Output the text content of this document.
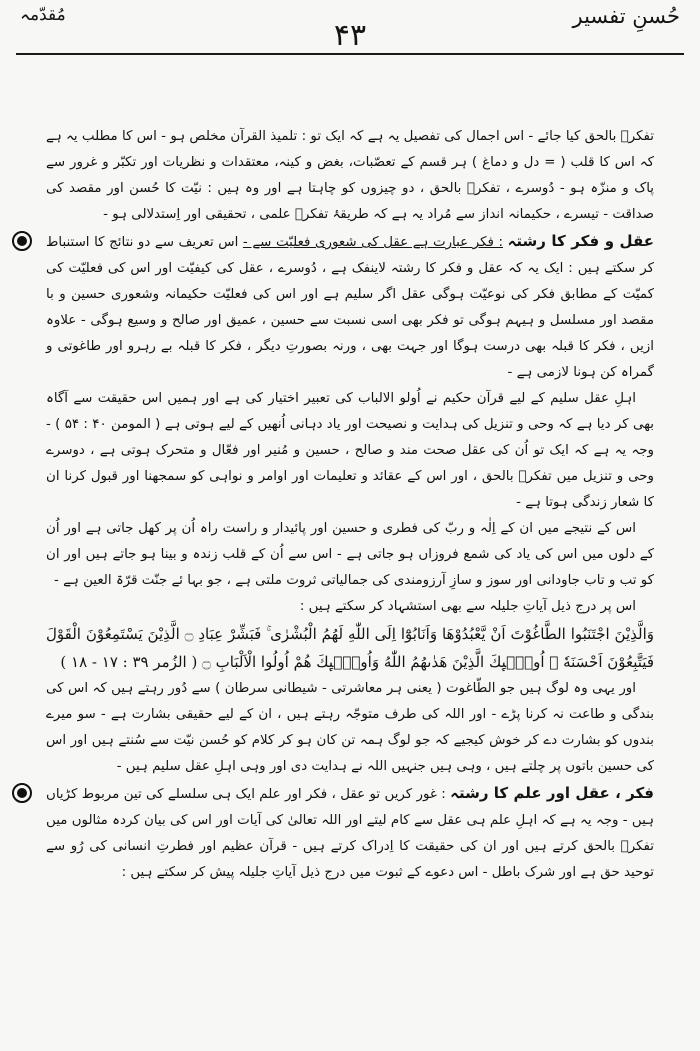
حُسنِ تفسیر
۴۳
مُقدّمہ

تفکرؔ بالحق کیا جائے - اس اجمال کی تفصیل یہ ہے کہ ایک تو : تلمیذ القرآن مخلص ہو - اس کا مطلب یہ ہے کہ اس کا قلب ( = دل و دماغ ) ہر قسم کے تعصّبات، بغض و کینہ، معتقدات و نظریات اور تکبّر و غرور سے پاک و منزّہ ہو - دُوسرے ، تفکرؔ بالحق ، دو چیزوں کو چاہتا ہے اور وہ ہیں : نیّت کا حُسن اور مقصد کی صداقت - تیسرے ، حکیمانہ انداز سے مُراد یہ ہے کہ طریقۂ تفکرؔ علمی ، تحقیقی اور اِستدلالی ہو -

عقل و فکر کا رشتہ : فکر عبارت ہے عقل کی شعوری فعلیّت سے - اس تعریف سے دو نتائج کا استنباط کر سکتے ہیں : ایک یہ کہ عقل و فکر کا رشتہ لاینفک ہے ، دُوسرے ، عقل کی کیفیّت اور اس کی فعلیّت کی کمیّت کے مطابق فکر کی نوعیّت ہوگی عقل اگر سلیم ہے اور اس کی فعلیّت حکیمانہ وشعوری حسین و با مقصد اور مسلسل و ہیہم ہوگی تو فکر بھی اسی نسبت سے حسین ، عمیق اور صالح و وسیع ہوگی - علاوہ ازیں ، فکر کا قبلہ بھی درست ہوگا اور جہت بھی ، ورنہ بصورتِ دیگر ، فکر کا قبلہ بے رہرو اور طاغوتی و گمراہ کن ہونا لازمی ہے -

اہلِ عقل سلیم کے لیے قرآن حکیم نے اُولو الالباب کی تعبیر اختیار کی ہے اور ہمیں اس حقیقت سے آگاہ بھی کر دیا ہے کہ وحی و تنزیل کی ہدایت و نصیحت اور یاد دہانی اُنھیں کے لیے ہوتی ہے ( المومن ۴۰ : ۵۴ ) - وجہ یہ ہے کہ ایک تو اُن کی عقل صحت مند و صالح ، حسین و مُنیر اور فعّال و متحرک ہوتی ہے ، دوسرے وحی و تنزیل میں تفکرؔ بالحق ، اور اس کے عقائد و تعلیمات اور اوامر و نواہی کو سمجھنا اور قبول کرنا ان کا شعار زندگی ہوتا ہے -

اس کے نتیجے میں ان کے اِلٰہ و ربّ کی فطری و حسین اور پائیدار و راست راہ اُن پر کھل جاتی ہے اور اُن کے دلوں میں اس کی یاد کی شمع فروزاں ہو جاتی ہے - اس سے اُن کے قلب زندہ و بینا ہو جاتے ہیں اور ان کو تب و تاب جاودانی اور سوز و سازِ آرزومندی کی جمالیاتی ثروت ملتی ہے ، جو بہا ئے جنّت قرّۃ العین ہے -

اس پر درج ذیل آیاتِ جلیلہ سے بھی استشہاد کر سکتے ہیں :

وَالَّذِيْنَ اجْتَنَبُوا الطَّاغُوْتَ اَنْ يَّعْبُدُوْهَا وَاَنَابُوْٓا اِلَى اللّٰهِ لَهُمُ الْبُشْرٰى ۚ فَبَشِّرْ عِبَادِ ۝ الَّذِيْنَ يَسْتَمِعُوْنَ الْقَوْلَ فَيَتَّبِعُوْنَ اَحْسَنَهٗ ۭ اُولٰۗىِٕكَ الَّذِيْنَ هَدٰىهُمُ اللّٰهُ وَاُولٰۗىِٕكَ هُمْ اُولُوا الْاَلْبَابِ ۝ ( الزُمر ۳۹ : ۱۷ - ۱۸ )

اور یہی وہ لوگ ہیں جو الطّاغوت ( یعنی ہر معاشرتی - شیطانی سرطان ) سے دُور رہتے ہیں کہ اس کی بندگی و طاعت نہ کرنا پڑے - اور اللہ کی طرف متوجّہ رہتے ہیں ، ان کے لیے حقیقی بشارت ہے - سو میرے بندوں کو بشارت دے کر خوش کیجیے کہ جو لوگ ہمہ تن کان ہو کر کلام کو حُسن نیّت سے سُنتے ہیں اور اس کی حسین باتوں پر چلتے ہیں ، وہی ہیں جنہیں اللہ نے ہدایت دی اور وہی اہلِ عقل سلیم ہیں -

فکر ، عقل اور علم کا رشتہ : غور کریں تو عقل ، فکر اور علم ایک ہی سلسلے کی تین مربوط کڑیاں ہیں - وجہ یہ ہے کہ اہلِ علم ہی عقل سے کام لیتے اور اللہ تعالیٰ کی آیات اور اس کی بیان کردہ مثالوں میں تفکرؔ بالحق کرتے ہیں اور ان کی حقیقت کا اِدراک کرتے ہیں - قرآن عظیم اور فطرتِ انسانی کی رُو سے توحید حق ہے اور شرک باطل - اس دعوے کے ثبوت میں درج ذیل آیاتِ جلیلہ پیش کر سکتے ہیں :
